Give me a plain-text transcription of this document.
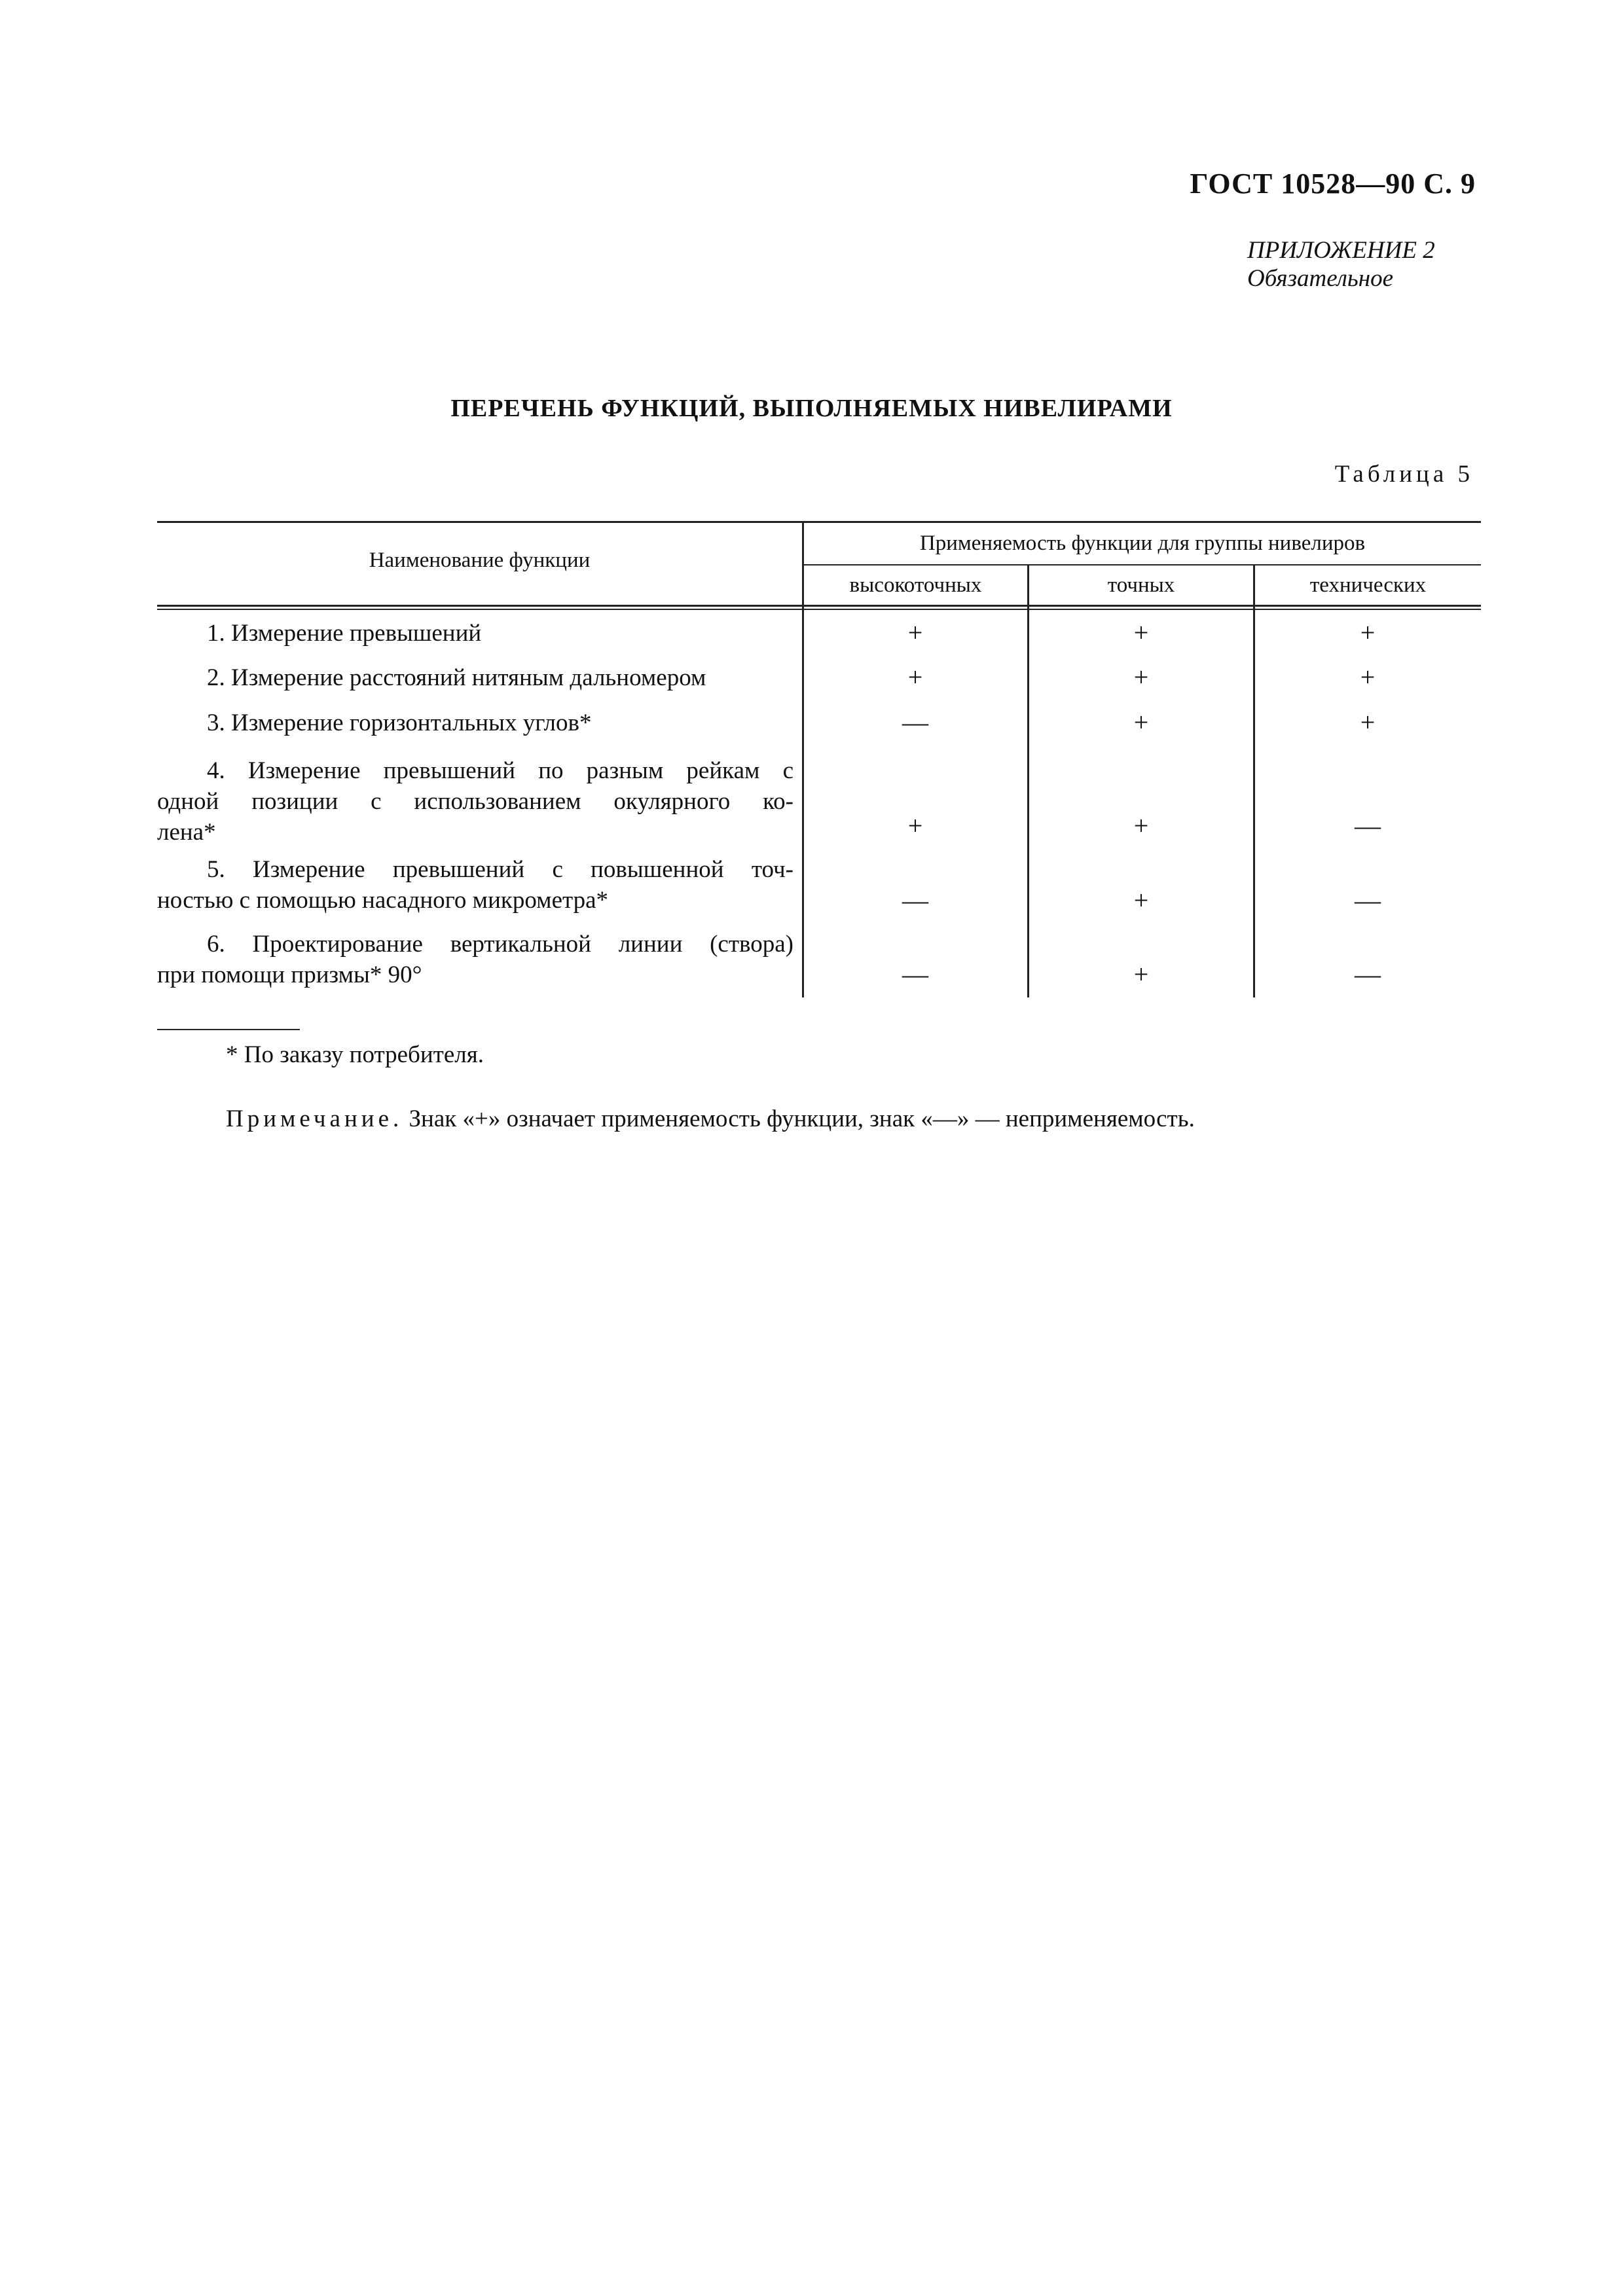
ГОСТ 10528—90 С. 9
ПРИЛОЖЕНИЕ 2
Обязательное
ПЕРЕЧЕНЬ ФУНКЦИЙ, ВЫПОЛНЯЕМЫХ НИВЕЛИРАМИ
Таблица 5
Наименование функции
Применяемость функции для группы нивелиров
высокоточных	точных	технических
1. Измерение превышений	+	+	+
2. Измерение расстояний нитяным дальномером	+	+	+
3. Измерение горизонтальных углов*	—	+	+
4. Измерение превышений по разным рейкам с
одной позиции с использованием окулярного ко-
лена*	+	+	—
5. Измерение превышений с повышенной точ-
ностью с помощью насадного микрометра*	—	+	—
6. Проектирование вертикальной линии (створа)
при помощи призмы* 90°	—	+	—
* По заказу потребителя.
Примечание. Знак «+» означает применяемость функции, знак «—» — неприменяемость.
